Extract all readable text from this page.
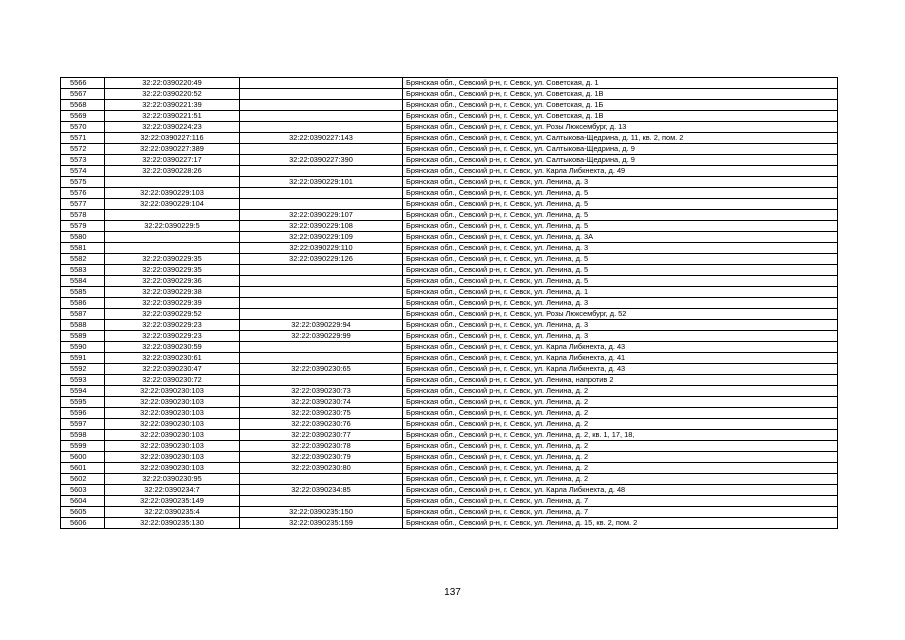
5566	32:22:0390220:49		Брянская обл., Севский р-н, г. Севск, ул. Советская, д. 1
5567	32:22:0390220:52		Брянская обл., Севский р-н, г. Севск, ул. Советская, д. 1В
5568	32:22:0390221:39		Брянская обл., Севский р-н, г. Севск, ул. Советская, д. 1Б
5569	32:22:0390221:51		Брянская обл., Севский р-н, г. Севск, ул. Советская, д. 1В
5570	32:22:0390224:23		Брянская обл., Севский р-н, г. Севск, ул. Розы Люксембург, д. 13
5571	32:22:0390227:116	32:22:0390227:143	Брянская обл., Севский р-н, г. Севск, ул. Салтыкова-Щедрина, д. 11, кв. 2, пом. 2
5572	32:22:0390227:389		Брянская обл., Севский р-н, г. Севск, ул. Салтыкова-Щедрина, д. 9
5573	32:22:0390227:17	32:22:0390227:390	Брянская обл., Севский р-н, г. Севск, ул. Салтыкова-Щедрина, д. 9
5574	32:22:0390228:26		Брянская обл., Севский р-н, г. Севск, ул. Карла Либкнехта, д. 49
5575		32:22:0390229:101	Брянская обл., Севский р-н, г. Севск, ул. Ленина, д. 3
5576	32:22:0390229:103		Брянская обл., Севский р-н, г. Севск, ул. Ленина, д. 5
5577	32:22:0390229:104		Брянская обл., Севский р-н, г. Севск, ул. Ленина, д. 5
5578		32:22:0390229:107	Брянская обл., Севский р-н, г. Севск, ул. Ленина, д. 5
5579	32:22:0390229:5	32:22:0390229:108	Брянская обл., Севский р-н, г. Севск, ул. Ленина, д. 5
5580		32:22:0390229:109	Брянская обл., Севский р-н, г. Севск, ул. Ленина, д. 3А
5581		32:22:0390229:110	Брянская обл., Севский р-н, г. Севск, ул. Ленина, д. 3
5582	32:22:0390229:35	32:22:0390229:126	Брянская обл., Севский р-н, г. Севск, ул. Ленина, д. 5
5583	32:22:0390229:35		Брянская обл., Севский р-н, г. Севск, ул. Ленина, д. 5
5584	32:22:0390229:36		Брянская обл., Севский р-н, г. Севск, ул. Ленина, д. 5
5585	32:22:0390229:38		Брянская обл., Севский р-н, г. Севск, ул. Ленина, д. 1
5586	32:22:0390229:39		Брянская обл., Севский р-н, г. Севск, ул. Ленина, д. 3
5587	32:22:0390229:52		Брянская обл., Севский р-н, г. Севск, ул. Розы Люксембург, д. 52
5588	32:22:0390229:23	32:22:0390229:94	Брянская обл., Севский р-н, г. Севск, ул. Ленина, д. 3
5589	32:22:0390229:23	32:22:0390229:99	Брянская обл., Севский р-н, г. Севск, ул. Ленина, д. 3
5590	32:22:0390230:59		Брянская обл., Севский р-н, г. Севск, ул. Карла Либкнехта, д. 43
5591	32:22:0390230:61		Брянская обл., Севский р-н, г. Севск, ул. Карла Либкнехта, д. 41
5592	32:22:0390230:47	32:22:0390230:65	Брянская обл., Севский р-н, г. Севск, ул. Карла Либкнехта, д. 43
5593	32:22:0390230:72		Брянская обл., Севский р-н, г. Севск, ул. Ленина, напротив 2
5594	32:22:0390230:103	32:22:0390230:73	Брянская обл., Севский р-н, г. Севск, ул. Ленина, д. 2
5595	32:22:0390230:103	32:22:0390230:74	Брянская обл., Севский р-н, г. Севск, ул. Ленина, д. 2
5596	32:22:0390230:103	32:22:0390230:75	Брянская обл., Севский р-н, г. Севск, ул. Ленина, д. 2
5597	32:22:0390230:103	32:22:0390230:76	Брянская обл., Севский р-н, г. Севск, ул. Ленина, д. 2
5598	32:22:0390230:103	32:22:0390230:77	Брянская обл., Севский р-н, г. Севск, ул. Ленина, д. 2, кв. 1, 17, 18,
5599	32:22:0390230:103	32:22:0390230:78	Брянская обл., Севский р-н, г. Севск, ул. Ленина, д. 2
5600	32:22:0390230:103	32:22:0390230:79	Брянская обл., Севский р-н, г. Севск, ул. Ленина, д. 2
5601	32:22:0390230:103	32:22:0390230:80	Брянская обл., Севский р-н, г. Севск, ул. Ленина, д. 2
5602	32:22:0390230:95		Брянская обл., Севский р-н, г. Севск, ул. Ленина, д. 2
5603	32:22:0390234:7	32:22:0390234:85	Брянская обл., Севский р-н, г. Севск, ул. Карла Либкнехта, д. 48
5604	32:22:0390235:149		Брянская обл., Севский р-н, г. Севск, ул. Ленина, д. 7
5605	32:22:0390235:4	32:22:0390235:150	Брянская обл., Севский р-н, г. Севск, ул. Ленина, д. 7
5606	32:22:0390235:130	32:22:0390235:159	Брянская обл., Севский р-н, г. Севск, ул. Ленина, д. 15, кв. 2, пом. 2
137
